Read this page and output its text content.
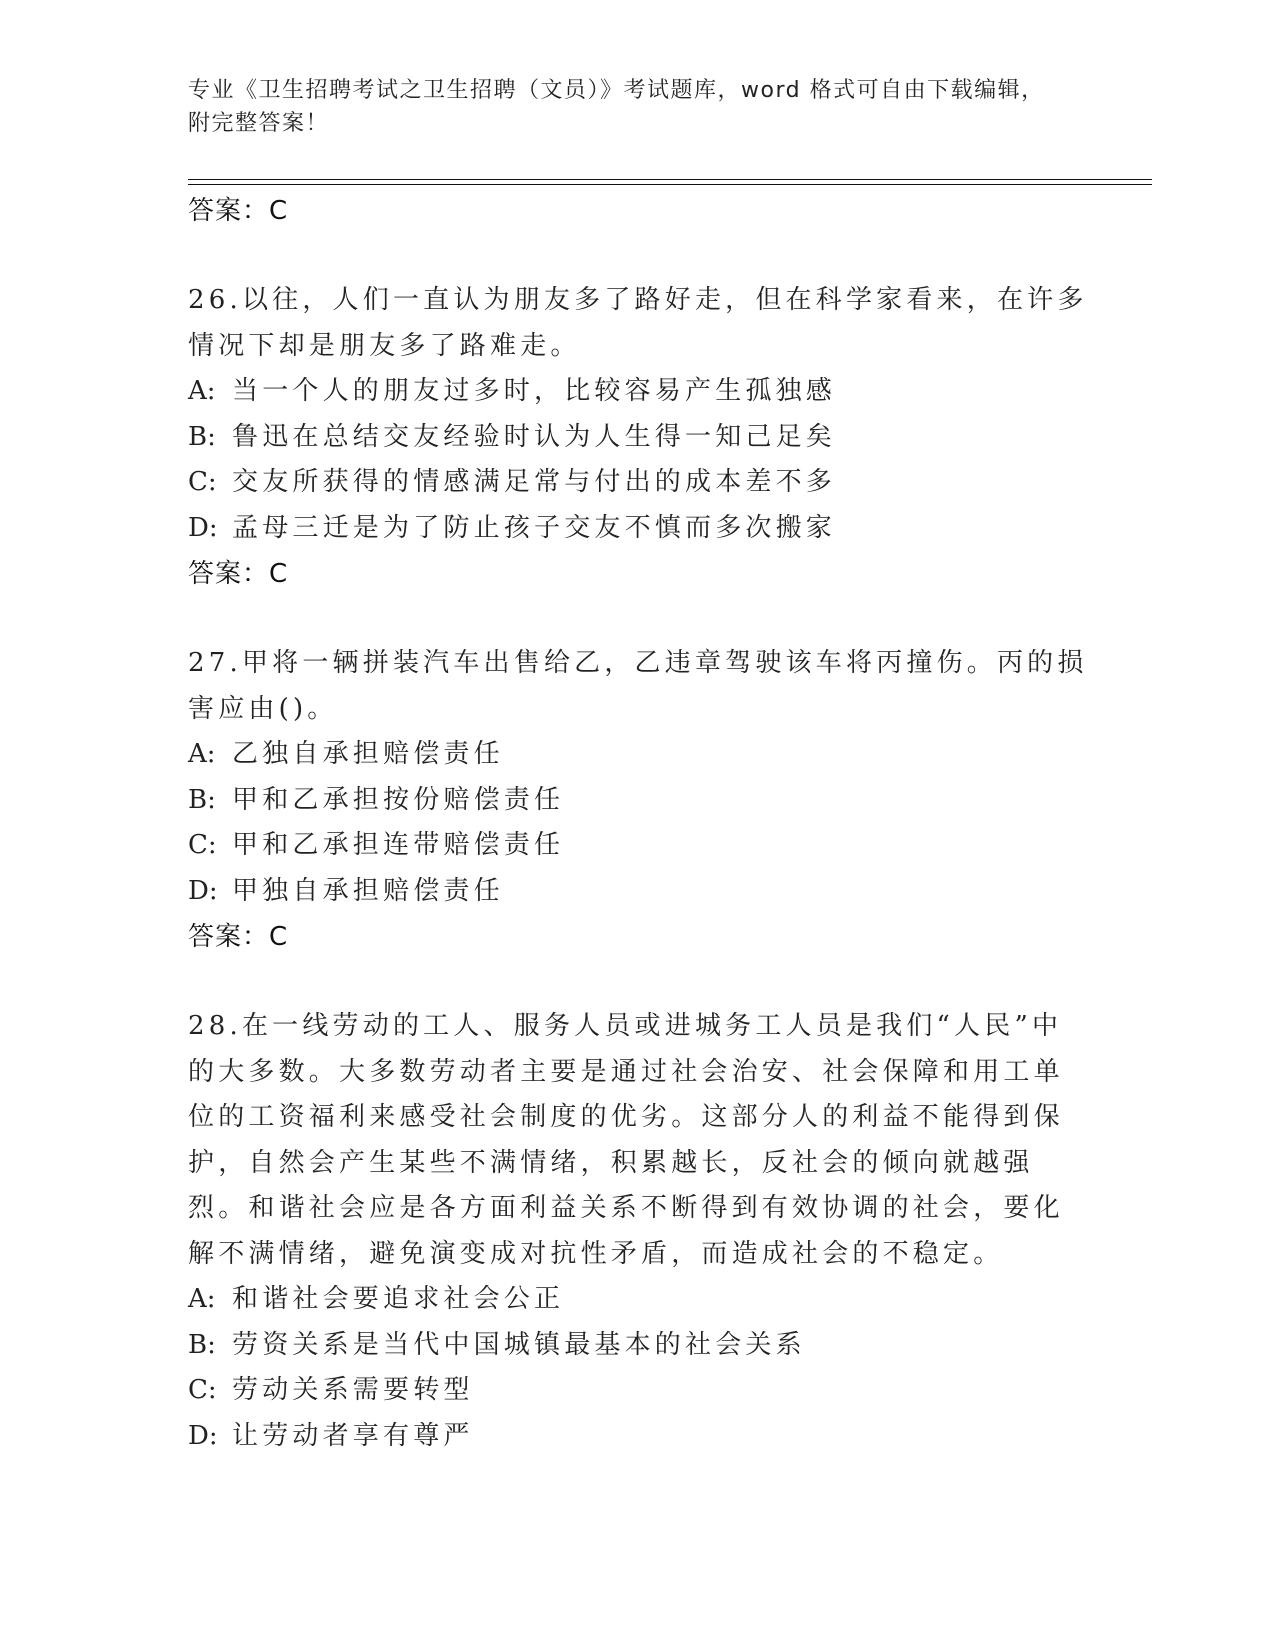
专业《卫生招聘考试之卫生招聘（文员）》考试题库，word 格式可自由下载编辑，附完整答案！
答案：C
26.以往，人们一直认为朋友多了路好走，但在科学家看来，在许多情况下却是朋友多了路难走。
A: 当一个人的朋友过多时，比较容易产生孤独感
B: 鲁迅在总结交友经验时认为人生得一知己足矣
C: 交友所获得的情感满足常与付出的成本差不多
D: 孟母三迁是为了防止孩子交友不慎而多次搬家
答案：C
27.甲将一辆拼装汽车出售给乙，乙违章驾驶该车将丙撞伤。丙的损害应由()。
A: 乙独自承担赔偿责任
B: 甲和乙承担按份赔偿责任
C: 甲和乙承担连带赔偿责任
D: 甲独自承担赔偿责任
答案：C
28.在一线劳动的工人、服务人员或进城务工人员是我们“人民”中的大多数。大多数劳动者主要是通过社会治安、社会保障和用工单位的工资福利来感受社会制度的优劣。这部分人的利益不能得到保护，自然会产生某些不满情绪，积累越长，反社会的倾向就越强烈。和谐社会应是各方面利益关系不断得到有效协调的社会，要化解不满情绪，避免演变成对抗性矛盾，而造成社会的不稳定。
A: 和谐社会要追求社会公正
B: 劳资关系是当代中国城镇最基本的社会关系
C: 劳动关系需要转型
D: 让劳动者享有尊严
